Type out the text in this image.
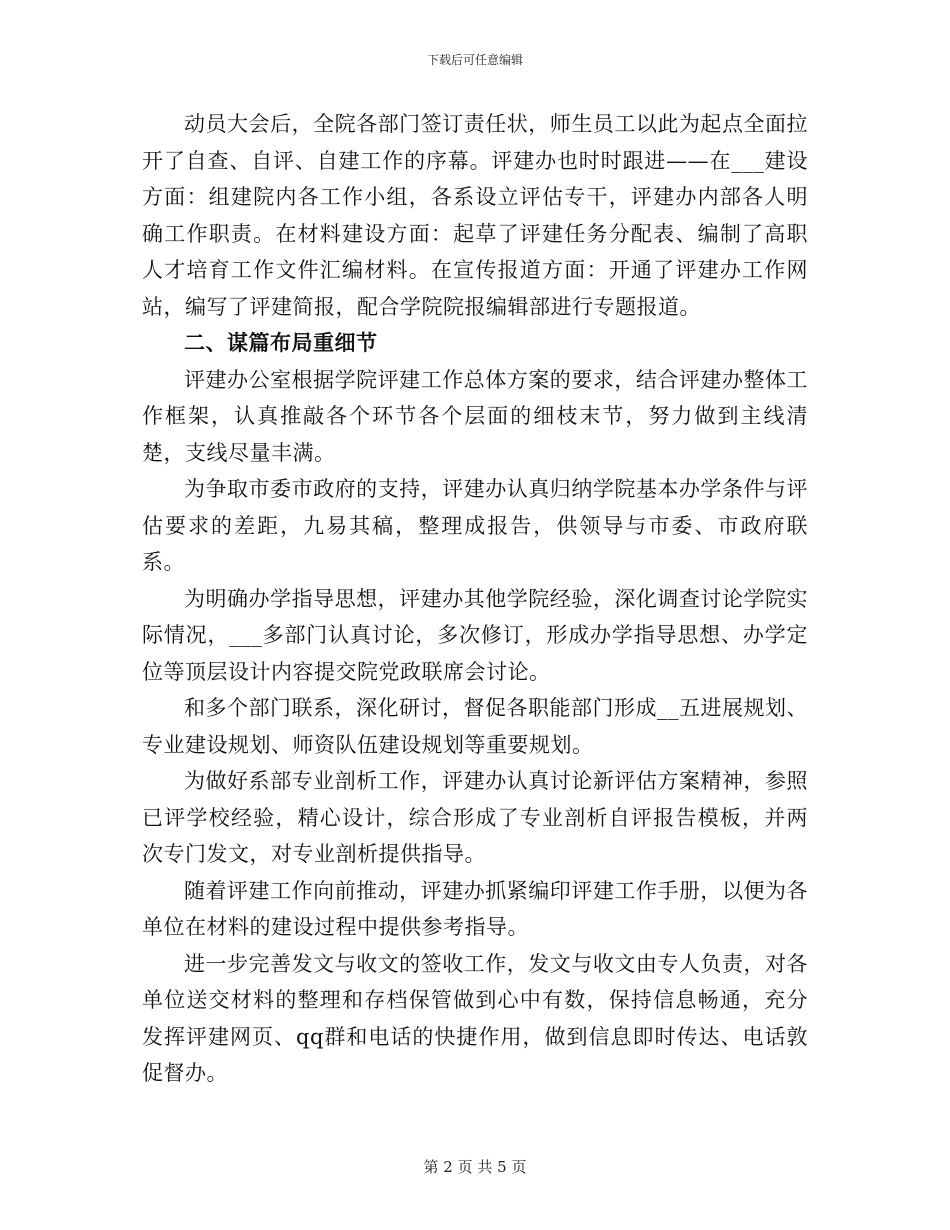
下载后可任意编辑

动员大会后，全院各部门签订责任状，师生员工以此为起点全面拉开了自查、自评、自建工作的序幕。评建办也时时跟进——在___建设方面：组建院内各工作小组，各系设立评估专干，评建办内部各人明确工作职责。在材料建设方面：起草了评建任务分配表、编制了高职人才培育工作文件汇编材料。在宣传报道方面：开通了评建办工作网站，编写了评建简报，配合学院院报编辑部进行专题报道。

二、谋篇布局重细节

评建办公室根据学院评建工作总体方案的要求，结合评建办整体工作框架，认真推敲各个环节各个层面的细枝末节，努力做到主线清楚，支线尽量丰满。

为争取市委市政府的支持，评建办认真归纳学院基本办学条件与评估要求的差距，九易其稿，整理成报告，供领导与市委、市政府联系。

为明确办学指导思想，评建办其他学院经验，深化调查讨论学院实际情况，___多部门认真讨论，多次修订，形成办学指导思想、办学定位等顶层设计内容提交院党政联席会讨论。

和多个部门联系，深化研讨，督促各职能部门形成__五进展规划、专业建设规划、师资队伍建设规划等重要规划。

为做好系部专业剖析工作，评建办认真讨论新评估方案精神，参照已评学校经验，精心设计，综合形成了专业剖析自评报告模板，并两次专门发文，对专业剖析提供指导。

随着评建工作向前推动，评建办抓紧编印评建工作手册，以便为各单位在材料的建设过程中提供参考指导。

进一步完善发文与收文的签收工作，发文与收文由专人负责，对各单位送交材料的整理和存档保管做到心中有数，保持信息畅通，充分发挥评建网页、qq群和电话的快捷作用，做到信息即时传达、电话敦促督办。

第 2 页 共 5 页
